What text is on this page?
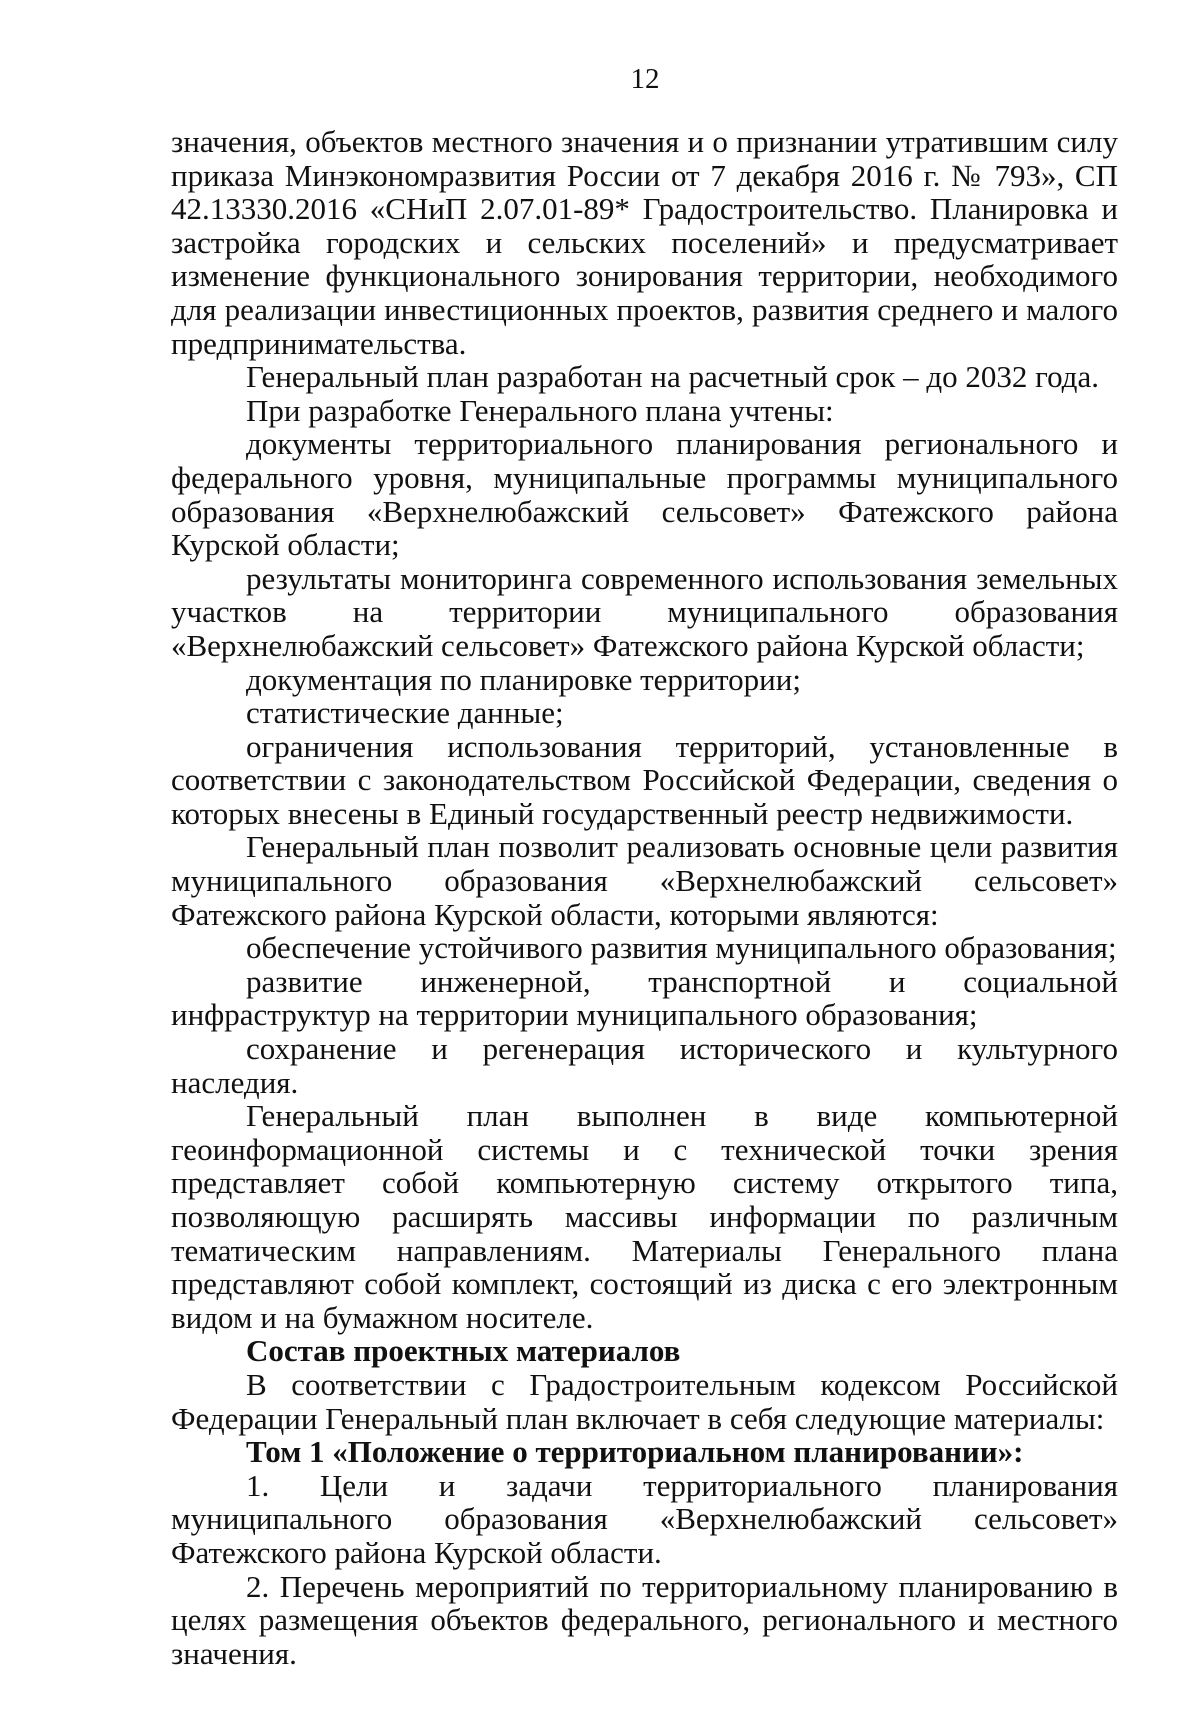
12

значения, объектов местного значения и о признании утратившим силу приказа Минэкономразвития России от 7 декабря 2016 г. № 793», СП 42.13330.2016 «СНиП 2.07.01-89* Градостроительство. Планировка и застройка городских и сельских поселений» и предусматривает изменение функционального зонирования территории, необходимого для реализации инвестиционных проектов, развития среднего и малого предпринимательства.

Генеральный план разработан на расчетный срок – до 2032 года.

При разработке Генерального плана учтены:

документы территориального планирования регионального и федерального уровня, муниципальные программы муниципального образования «Верхнелюбажский сельсовет» Фатежского района Курской области;

результаты мониторинга современного использования земельных участков на территории муниципального образования «Верхнелюбажский сельсовет» Фатежского района Курской области;

документация по планировке территории;

статистические данные;

ограничения использования территорий, установленные в соответствии с законодательством Российской Федерации, сведения о которых внесены в Единый государственный реестр недвижимости.

Генеральный план позволит реализовать основные цели развития муниципального образования «Верхнелюбажский сельсовет» Фатежского района Курской области, которыми являются:

обеспечение устойчивого развития муниципального образования;

развитие инженерной, транспортной и социальной инфраструктур на территории муниципального образования;

сохранение и регенерация исторического и культурного наследия.

Генеральный план выполнен в виде компьютерной геоинформационной системы и с технической точки зрения представляет собой компьютерную систему открытого типа, позволяющую расширять массивы информации по различным тематическим направлениям. Материалы Генерального плана представляют собой комплект, состоящий из диска с его электронным видом и на бумажном носителе.

Состав проектных материалов

В соответствии с Градостроительным кодексом Российской Федерации Генеральный план включает в себя следующие материалы:

Том 1 «Положение о территориальном планировании»:

1. Цели и задачи территориального планирования муниципального образования «Верхнелюбажский сельсовет» Фатежского района Курской области.

2. Перечень мероприятий по территориальному планированию в целях размещения объектов федерального, регионального и местного значения.
